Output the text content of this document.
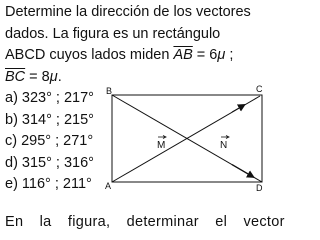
Determine la dirección de los vectores

dados. La figura es un rectángulo

ABCD cuyos lados miden $\overline{AB} = 6\mu$ ;

$\overline{BC} = 8\mu$.

a) 323° ; 217°
b) 314° ; 215°
c) 295° ; 271°
d) 315° ; 316°
e) 116° ; 211°
B	C
A	D
M	N
En la figura, determinar el vector
